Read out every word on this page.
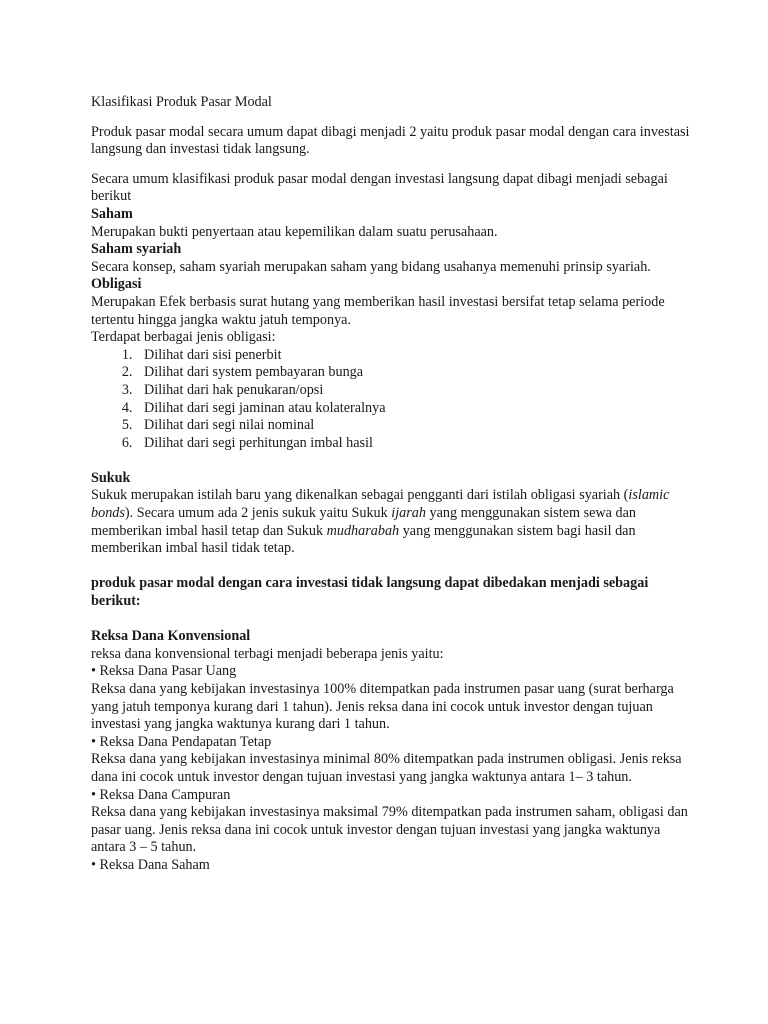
Klasifikasi Produk Pasar Modal

Produk pasar modal secara umum dapat dibagi menjadi 2 yaitu produk pasar modal dengan cara investasi langsung dan investasi tidak langsung.

Secara umum klasifikasi produk pasar modal dengan investasi langsung dapat dibagi menjadi sebagai berikut

Saham

Merupakan bukti penyertaan atau kepemilikan dalam suatu perusahaan.

Saham syariah

Secara konsep, saham syariah merupakan saham yang bidang usahanya memenuhi prinsip syariah.

Obligasi

Merupakan Efek berbasis surat hutang yang memberikan hasil investasi bersifat tetap selama periode tertentu hingga jangka waktu jatuh temponya.

Terdapat berbagai jenis obligasi:

1. Dilihat dari sisi penerbit
2. Dilihat dari system pembayaran bunga
3. Dilihat dari hak penukaran/opsi
4. Dilihat dari segi jaminan atau kolateralnya
5. Dilihat dari segi nilai nominal
6. Dilihat dari segi perhitungan imbal hasil

Sukuk

Sukuk merupakan istilah baru yang dikenalkan sebagai pengganti dari istilah obligasi syariah (islamic bonds). Secara umum ada 2 jenis sukuk yaitu Sukuk ijarah yang menggunakan sistem sewa dan memberikan imbal hasil tetap dan Sukuk mudharabah yang menggunakan sistem bagi hasil dan memberikan imbal hasil tidak tetap.

produk pasar modal dengan cara investasi tidak langsung dapat dibedakan menjadi sebagai berikut:

Reksa Dana Konvensional

reksa dana konvensional terbagi menjadi beberapa jenis yaitu:

• Reksa Dana Pasar Uang

Reksa dana yang kebijakan investasinya 100% ditempatkan pada instrumen pasar uang (surat berharga yang jatuh temponya kurang dari 1 tahun). Jenis reksa dana ini cocok untuk investor dengan tujuan investasi yang jangka waktunya kurang dari 1 tahun.

• Reksa Dana Pendapatan Tetap

Reksa dana yang kebijakan investasinya minimal 80% ditempatkan pada instrumen obligasi. Jenis reksa dana ini cocok untuk investor dengan tujuan investasi yang jangka waktunya antara 1– 3 tahun.

• Reksa Dana Campuran

Reksa dana yang kebijakan investasinya maksimal 79% ditempatkan pada instrumen saham, obligasi dan pasar uang. Jenis reksa dana ini cocok untuk investor dengan tujuan investasi yang jangka waktunya antara 3 – 5 tahun.

• Reksa Dana Saham
